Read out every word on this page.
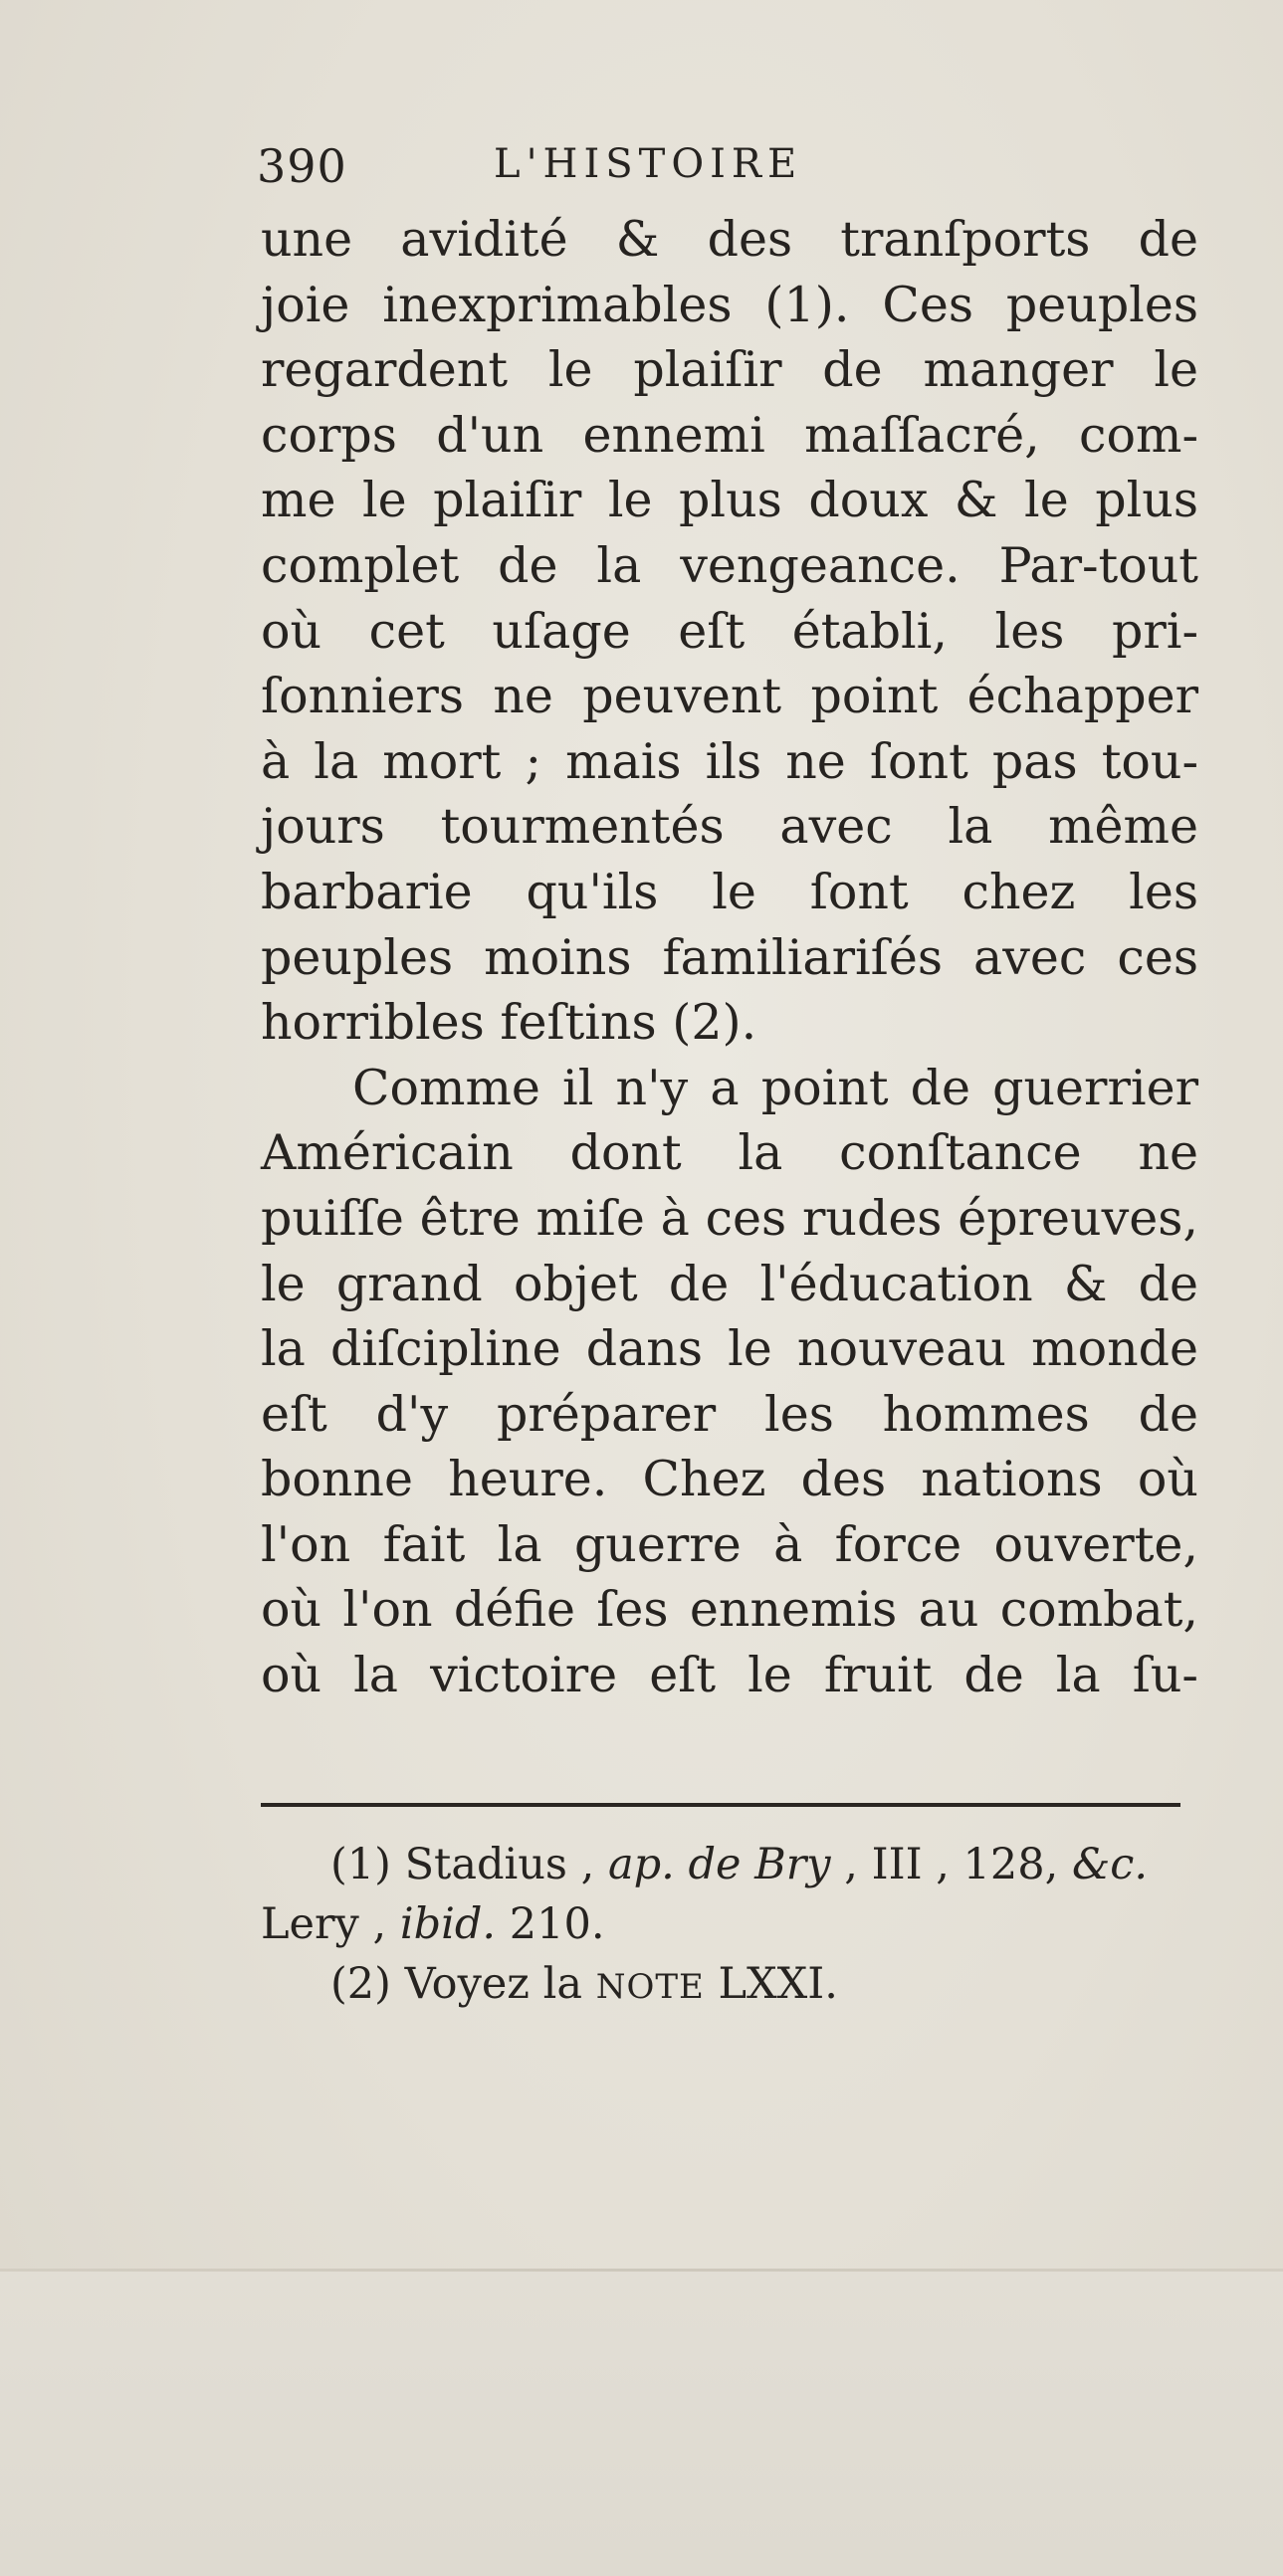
390	L'HISTOIRE
une avidité & des tranſports de
joie inexprimables (1). Ces peuples
regardent le plaiſir de manger le
corps d'un ennemi maſſacré, com-
me le plaiſir le plus doux & le plus
complet de la vengeance. Par-tout
où cet uſage eſt établi, les pri-
ſonniers ne peuvent point échapper
à la mort ; mais ils ne ſont pas tou-
jours tourmentés avec la même
barbarie qu'ils le ſont chez les
peuples moins familiariſés avec ces
horribles feſtins (2).
Comme il n'y a point de guerrier
Américain dont la conſtance ne
puiſſe être miſe à ces rudes épreuves,
le grand objet de l'éducation & de
la diſcipline dans le nouveau monde
eſt d'y préparer les hommes de
bonne heure. Chez des nations où
l'on fait la guerre à force ouverte,
où l'on défie ſes ennemis au combat,
où la victoire eſt le fruit de la ſu-
(1) Stadius , ap. de Bry , III , 128, &c.
Lery , ibid. 210.
(2) Voyez la NOTE LXXI.
